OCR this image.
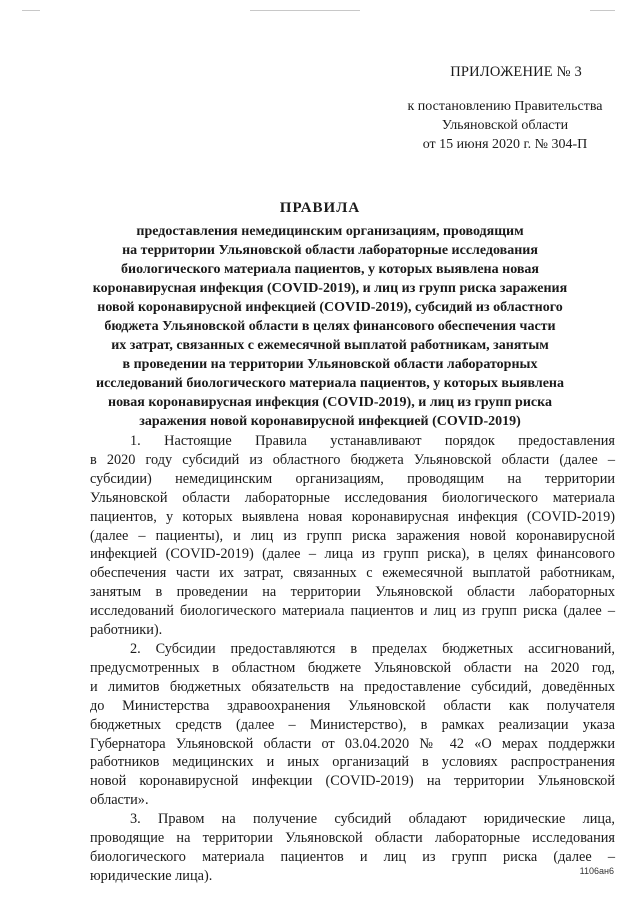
ПРИЛОЖЕНИЕ № 3
к постановлению Правительства
Ульяновской области
от 15 июня 2020 г. № 304-П
ПРАВИЛА
предоставления немедицинским организациям, проводящим
на территории Ульяновской области лабораторные исследования
биологического материала пациентов, у которых выявлена новая
коронавирусная инфекция (COVID-2019), и лиц из групп риска заражения
новой коронавирусной инфекцией (COVID-2019), субсидий из областного
бюджета Ульяновской области в целях финансового обеспечения части
их затрат, связанных с ежемесячной выплатой работникам, занятым
в проведении на территории Ульяновской области лабораторных
исследований биологического материала пациентов, у которых выявлена
новая коронавирусная инфекция (COVID-2019), и лиц из групп риска
заражения новой коронавирусной инфекцией (COVID-2019)

1. Настоящие Правила устанавливают порядок предоставления
в 2020 году субсидий из областного бюджета Ульяновской области (далее –
субсидии) немедицинским организациям, проводящим на территории
Ульяновской области лабораторные исследования биологического материала
пациентов, у которых выявлена новая коронавирусная инфекция (COVID-2019)
(далее – пациенты), и лиц из групп риска заражения новой коронавирусной
инфекцией (COVID-2019) (далее – лица из групп риска), в целях финансового
обеспечения части их затрат, связанных с ежемесячной выплатой работникам,
занятым в проведении на территории Ульяновской области лабораторных
исследований биологического материала пациентов и лиц из групп риска (далее –
работники).

2. Субсидии предоставляются в пределах бюджетных ассигнований,
предусмотренных в областном бюджете Ульяновской области на 2020 год,
и лимитов бюджетных обязательств на предоставление субсидий, доведённых
до Министерства здравоохранения Ульяновской области как получателя
бюджетных средств (далее – Министерство), в рамках реализации указа
Губернатора Ульяновской области от 03.04.2020 № 42 «О мерах поддержки
работников медицинских и иных организаций в условиях распространения
новой коронавирусной инфекции (COVID-2019) на территории Ульяновской
области».

3. Правом на получение субсидий обладают юридические лица,
проводящие на территории Ульяновской области лабораторные исследования
биологического материала пациентов и лиц из групп риска (далее –
юридические лица).	1106ан6
